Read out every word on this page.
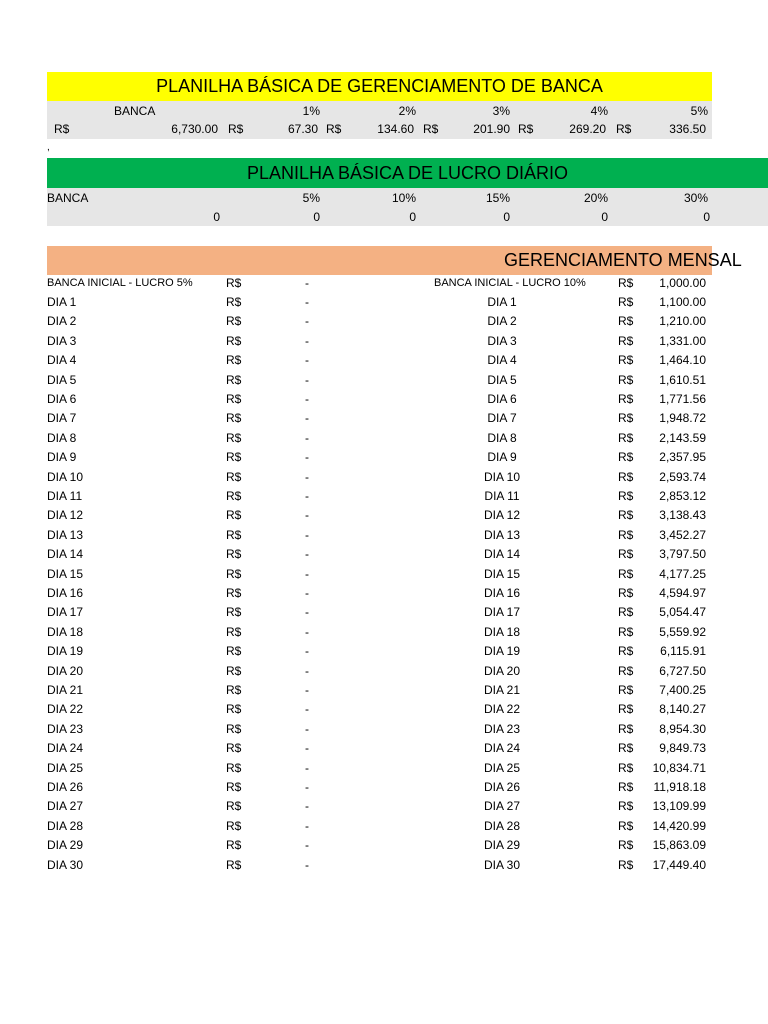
PLANILHA BÁSICA DE GERENCIAMENTO DE BANCA
BANCA	1%	2%	3%	4%	5%
R$	6,730.00 R$	67.30 R$	134.60 R$	201.90 R$	269.20 R$	336.50
,
PLANILHA BÁSICA DE LUCRO DIÁRIO
BANCA	5%	10%	15%	20%	30%
0	0	0	0	0	0
GERENCIAMENTO MENSAL
BANCA INICIAL - LUCRO 5%	R$	-	BANCA INICIAL - LUCRO 10%	R$	1,000.00
DIA 1	R$	-	DIA 1	R$	1,100.00
DIA 2	R$	-	DIA 2	R$	1,210.00
DIA 3	R$	-	DIA 3	R$	1,331.00
DIA 4	R$	-	DIA 4	R$	1,464.10
DIA 5	R$	-	DIA 5	R$	1,610.51
DIA 6	R$	-	DIA 6	R$	1,771.56
DIA 7	R$	-	DIA 7	R$	1,948.72
DIA 8	R$	-	DIA 8	R$	2,143.59
DIA 9	R$	-	DIA 9	R$	2,357.95
DIA 10	R$	-	DIA 10	R$	2,593.74
DIA 11	R$	-	DIA 11	R$	2,853.12
DIA 12	R$	-	DIA 12	R$	3,138.43
DIA 13	R$	-	DIA 13	R$	3,452.27
DIA 14	R$	-	DIA 14	R$	3,797.50
DIA 15	R$	-	DIA 15	R$	4,177.25
DIA 16	R$	-	DIA 16	R$	4,594.97
DIA 17	R$	-	DIA 17	R$	5,054.47
DIA 18	R$	-	DIA 18	R$	5,559.92
DIA 19	R$	-	DIA 19	R$	6,115.91
DIA 20	R$	-	DIA 20	R$	6,727.50
DIA 21	R$	-	DIA 21	R$	7,400.25
DIA 22	R$	-	DIA 22	R$	8,140.27
DIA 23	R$	-	DIA 23	R$	8,954.30
DIA 24	R$	-	DIA 24	R$	9,849.73
DIA 25	R$	-	DIA 25	R$	10,834.71
DIA 26	R$	-	DIA 26	R$	11,918.18
DIA 27	R$	-	DIA 27	R$	13,109.99
DIA 28	R$	-	DIA 28	R$	14,420.99
DIA 29	R$	-	DIA 29	R$	15,863.09
DIA 30	R$	-	DIA 30	R$	17,449.40
